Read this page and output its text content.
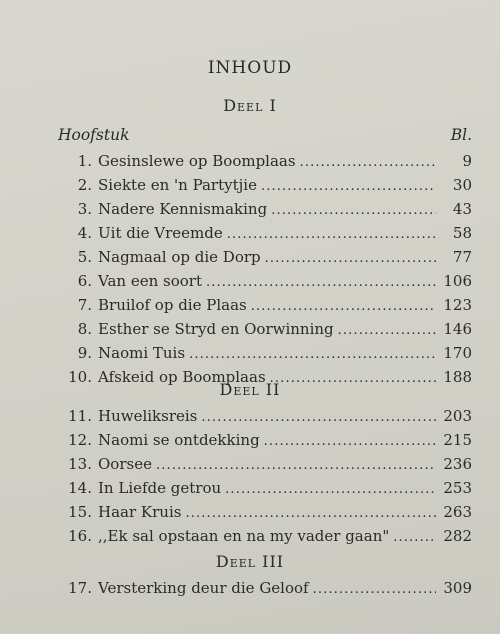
INHOUD
Deel I
Hoofstuk	Bl.
1. Gesinslewe op Boomplaas . . .	9
2. Siekte en 'n Partytjie . . .	30
3. Nadere Kennismaking . . .	43
4. Uit die Vreemde . . .	58
5. Nagmaal op die Dorp . . .	77
6. Van een soort . . .	106
7. Bruilof op die Plaas . . .	123
8. Esther se Stryd en Oorwinning . . .	146
9. Naomi Tuis . . .	170
10. Afskeid op Boomplaas . . .	188
Deel II
11. Huweliksreis . . .	203
12. Naomi se ontdekking . . .	215
13. Oorsee . . .	236
14. In Liefde getrou . . .	253
15. Haar Kruis . . .	263
16. ,,Ek sal opstaan en na my vader gaan" . . .	282
Deel III
17. Versterking deur die Geloof . . .	309
